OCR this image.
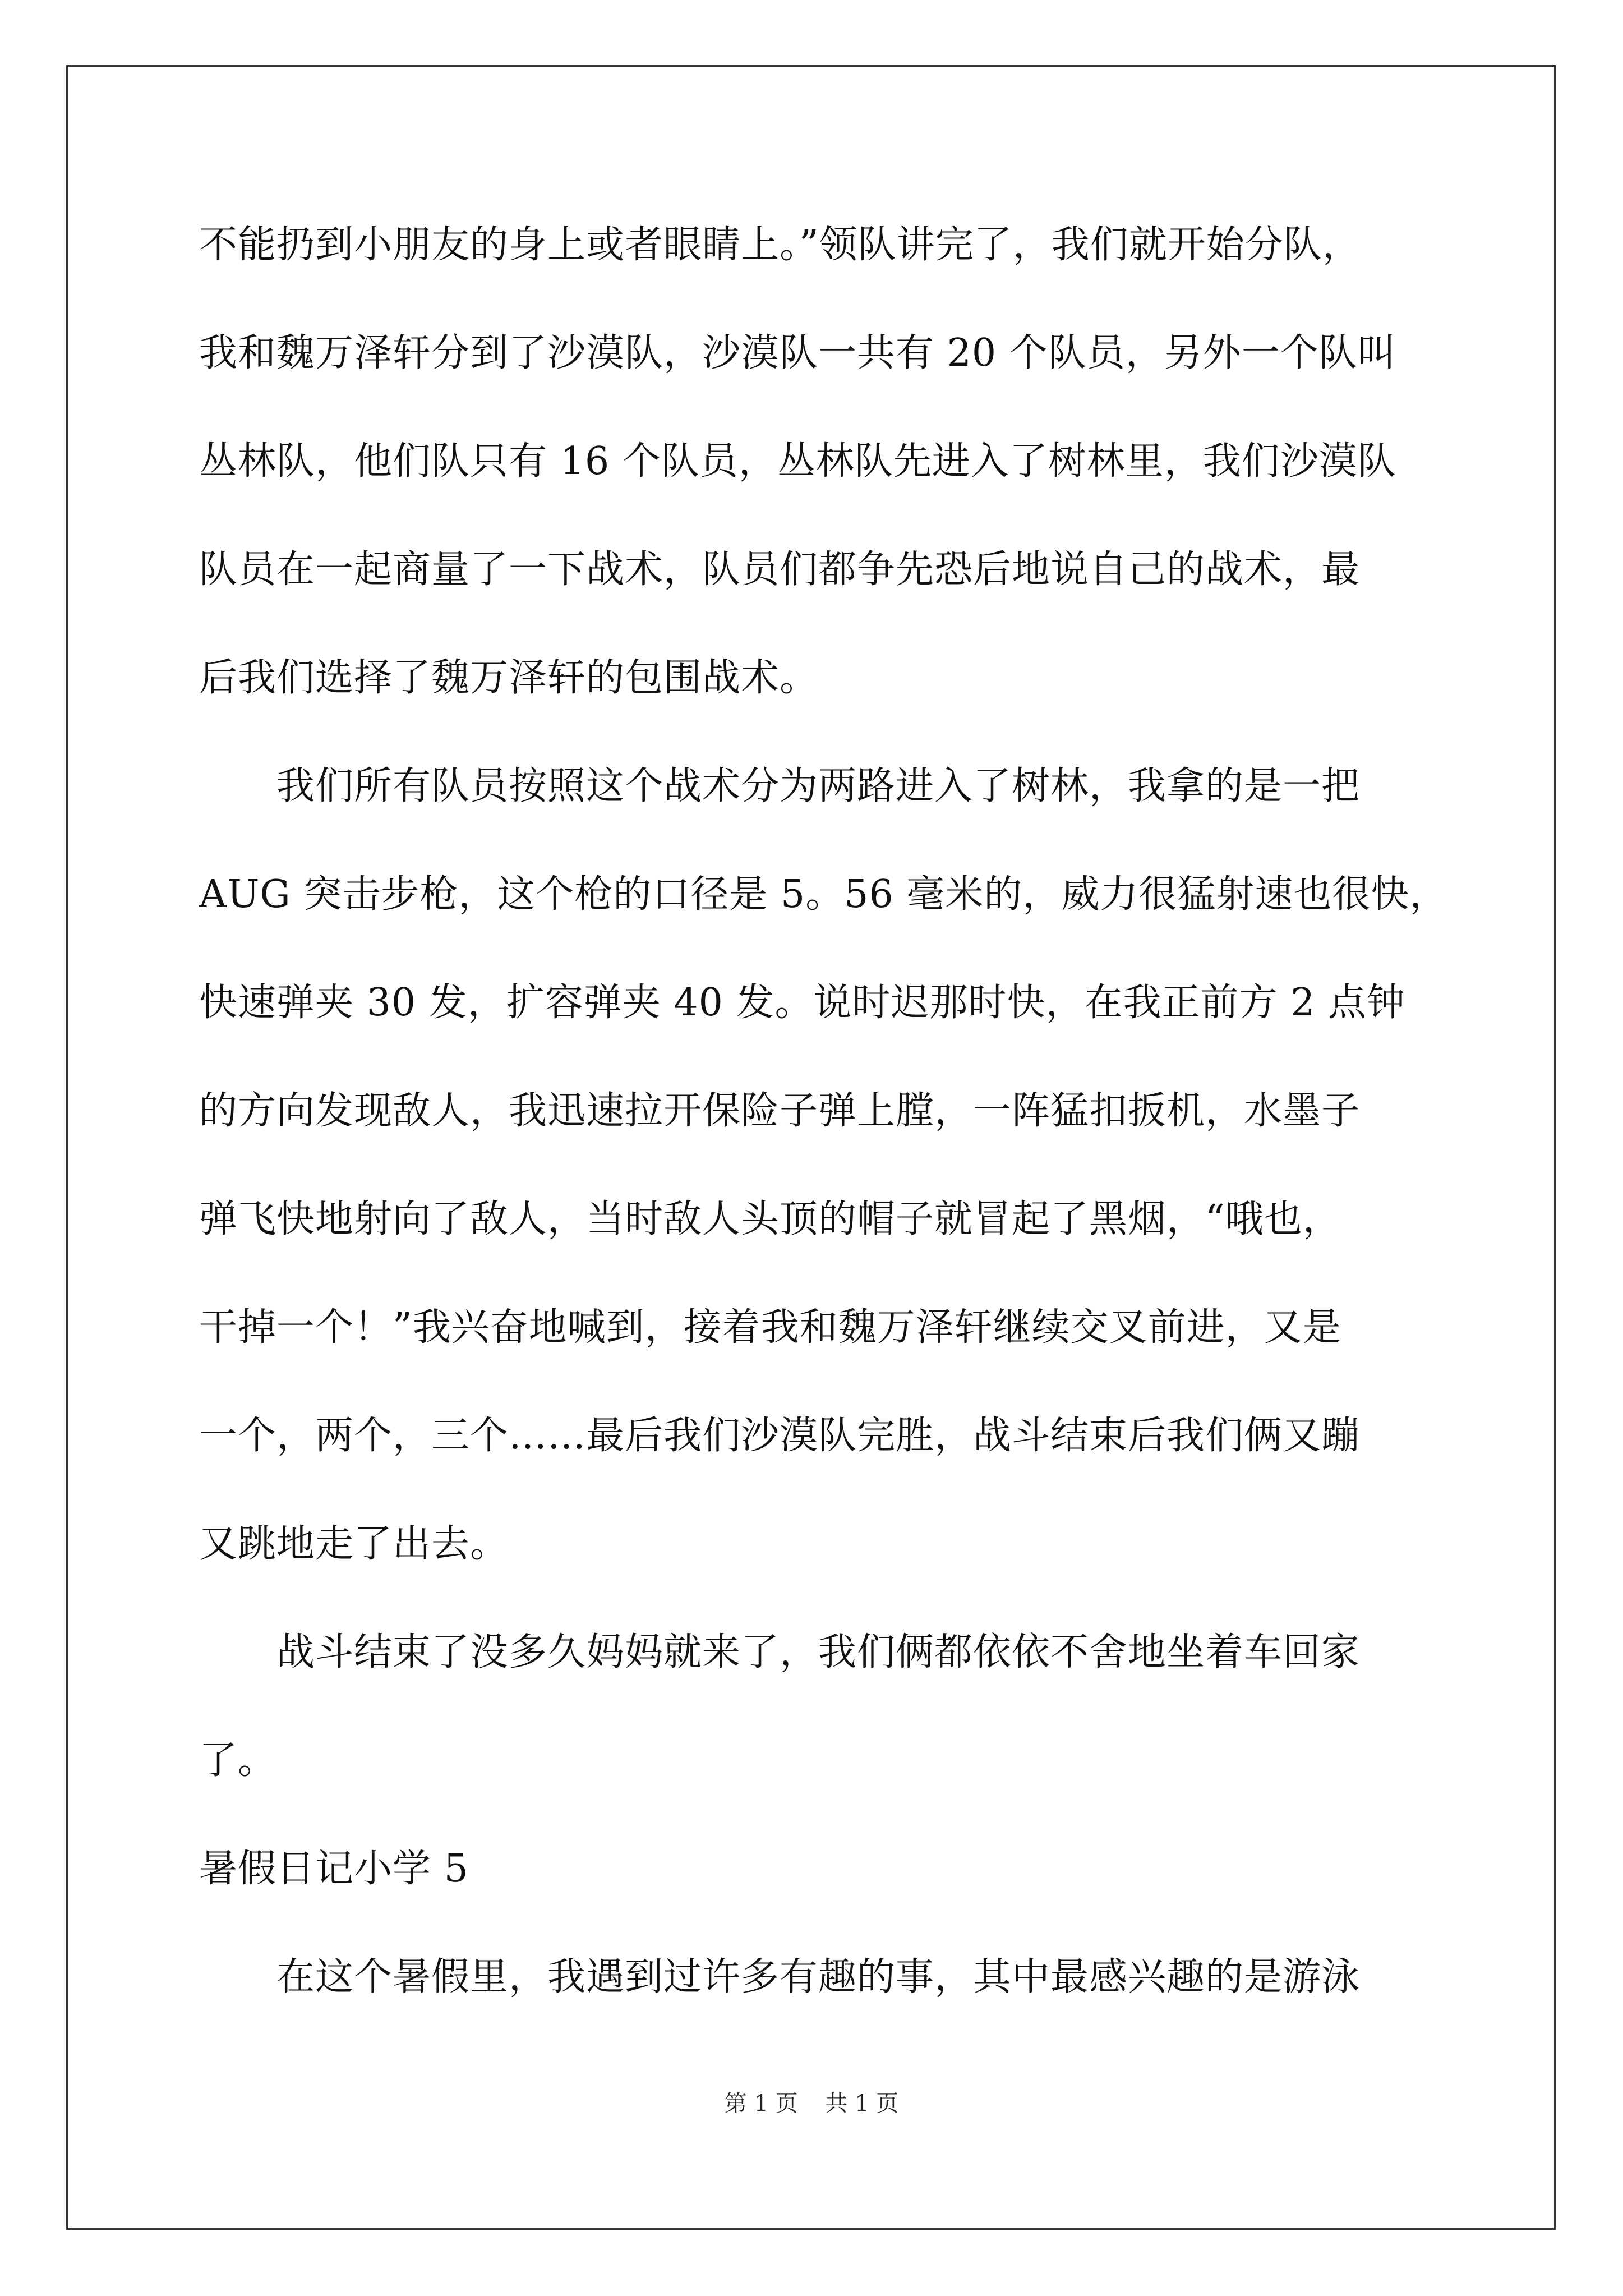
不能扔到小朋友的身上或者眼睛上。”领队讲完了，我们就开始分队，
我和魏万泽轩分到了沙漠队，沙漠队一共有 20 个队员，另外一个队叫
丛林队，他们队只有 16 个队员，丛林队先进入了树林里，我们沙漠队
队员在一起商量了一下战术，队员们都争先恐后地说自己的战术，最
后我们选择了魏万泽轩的包围战术。
　　我们所有队员按照这个战术分为两路进入了树林，我拿的是一把
AUG 突击步枪，这个枪的口径是 5。56 毫米的，威力很猛射速也很快，
快速弹夹 30 发，扩容弹夹 40 发。说时迟那时快，在我正前方 2 点钟
的方向发现敌人，我迅速拉开保险子弹上膛，一阵猛扣扳机，水墨子
弹飞快地射向了敌人，当时敌人头顶的帽子就冒起了黑烟，“哦也，
干掉一个！”我兴奋地喊到，接着我和魏万泽轩继续交叉前进，又是
一个，两个，三个……最后我们沙漠队完胜，战斗结束后我们俩又蹦
又跳地走了出去。
　　战斗结束了没多久妈妈就来了，我们俩都依依不舍地坐着车回家
了。
暑假日记小学 5
　　在这个暑假里，我遇到过许多有趣的事，其中最感兴趣的是游泳
第 1 页 共 1 页
